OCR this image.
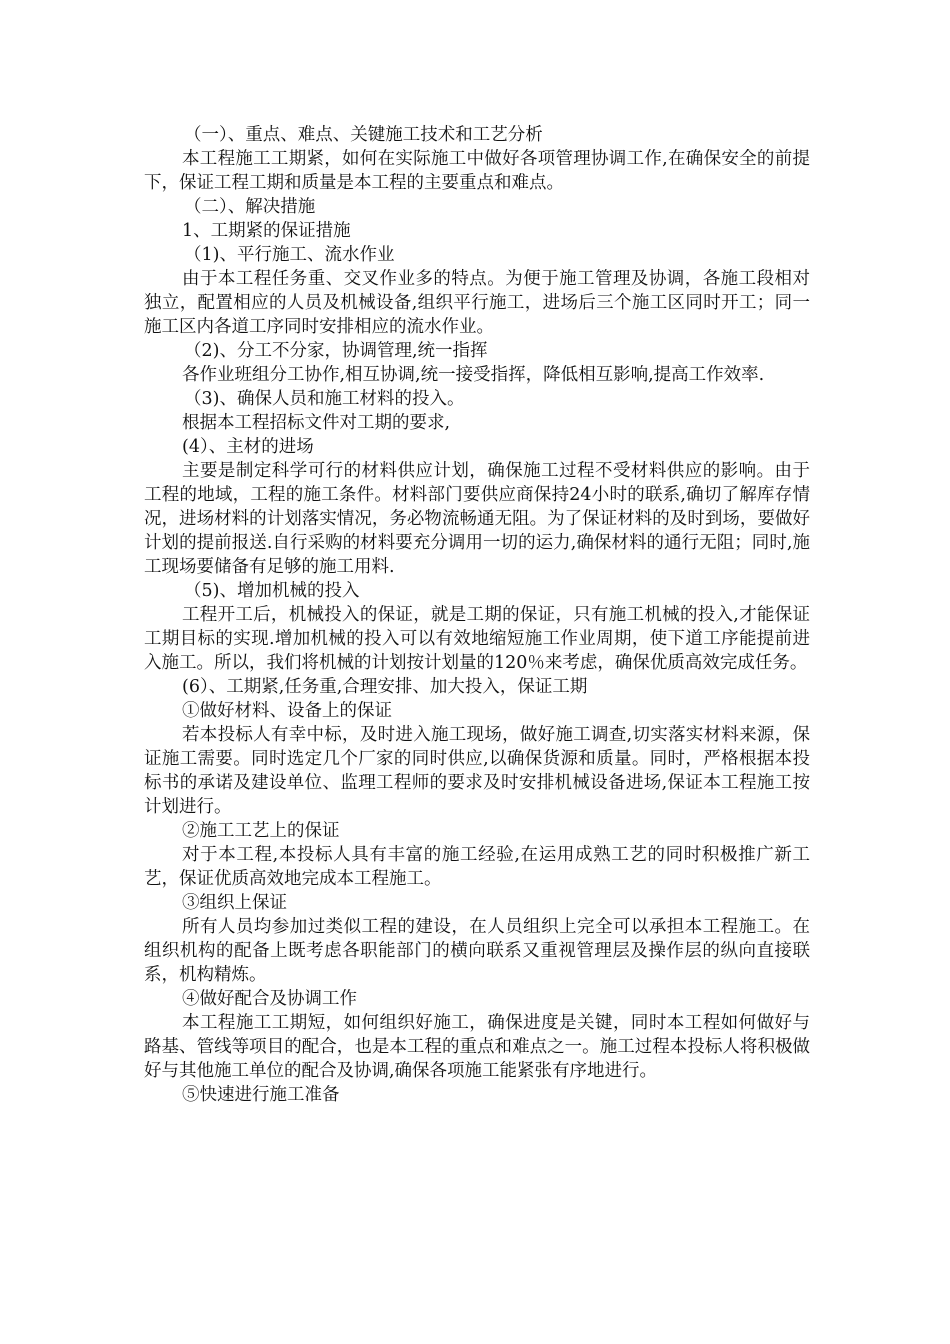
（一）、重点、难点、关键施工技术和工艺分析

本工程施工工期紧，如何在实际施工中做好各项管理协调工作,在确保安全的前提下，保证工程工期和质量是本工程的主要重点和难点。

（二）、解决措施

1、工期紧的保证措施

（1)、平行施工、流水作业

由于本工程任务重、交叉作业多的特点。为便于施工管理及协调，各施工段相对独立，配置相应的人员及机械设备,组织平行施工，进场后三个施工区同时开工；同一施工区内各道工序同时安排相应的流水作业。

（2)、分工不分家，协调管理,统一指挥

各作业班组分工协作,相互协调,统一接受指挥，降低相互影响,提高工作效率.

（3)、确保人员和施工材料的投入。

根据本工程招标文件对工期的要求,

(4）、主材的进场

主要是制定科学可行的材料供应计划，确保施工过程不受材料供应的影响。由于工程的地域，工程的施工条件。材料部门要供应商保持24小时的联系,确切了解库存情况，进场材料的计划落实情况，务必物流畅通无阻。为了保证材料的及时到场，要做好计划的提前报送.自行采购的材料要充分调用一切的运力,确保材料的通行无阻；同时,施工现场要储备有足够的施工用料.

（5)、增加机械的投入

工程开工后，机械投入的保证，就是工期的保证，只有施工机械的投入,才能保证工期目标的实现.增加机械的投入可以有效地缩短施工作业周期，使下道工序能提前进入施工。所以，我们将机械的计划按计划量的120％来考虑，确保优质高效完成任务。

(6）、工期紧,任务重,合理安排、加大投入，保证工期

①做好材料、设备上的保证

若本投标人有幸中标，及时进入施工现场，做好施工调查,切实落实材料来源，保证施工需要。同时选定几个厂家的同时供应,以确保货源和质量。同时，严格根据本投标书的承诺及建设单位、监理工程师的要求及时安排机械设备进场,保证本工程施工按计划进行。

②施工工艺上的保证

对于本工程,本投标人具有丰富的施工经验,在运用成熟工艺的同时积极推广新工艺，保证优质高效地完成本工程施工。

③组织上保证

所有人员均参加过类似工程的建设，在人员组织上完全可以承担本工程施工。在组织机构的配备上既考虑各职能部门的横向联系又重视管理层及操作层的纵向直接联系，机构精炼。

④做好配合及协调工作

本工程施工工期短，如何组织好施工，确保进度是关键，同时本工程如何做好与路基、管线等项目的配合，也是本工程的重点和难点之一。施工过程本投标人将积极做好与其他施工单位的配合及协调,确保各项施工能紧张有序地进行。

⑤快速进行施工准备
